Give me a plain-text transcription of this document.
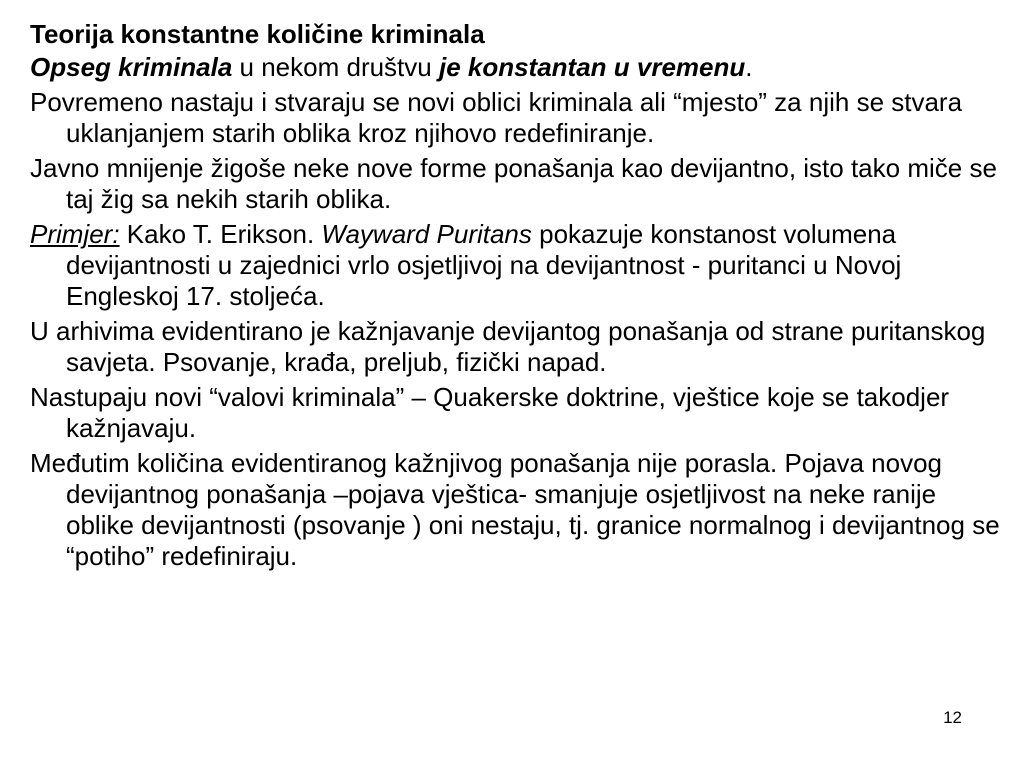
Teorija konstantne količine kriminala
Opseg kriminala u nekom društvu je konstantan u vremenu.
Povremeno nastaju i stvaraju se novi oblici kriminala ali “mjesto” za njih se stvara uklanjanjem starih oblika kroz njihovo redefiniranje.
Javno mnijenje žigoše neke nove forme ponašanja kao devijantno, isto tako miče se taj žig sa nekih starih oblika.
Primjer: Kako T. Erikson. Wayward Puritans pokazuje konstanost volumena devijantnosti u zajednici vrlo osjetljivoj na devijantnost - puritanci u Novoj Engleskoj 17. stoljeća.
U arhivima evidentirano je kažnjavanje devijantog ponašanja od strane puritanskog savjeta. Psovanje, krađa, preljub, fizički napad.
Nastupaju novi “valovi kriminala” – Quakerske doktrine, vještice koje se takodjer kažnjavaju.
Međutim količina evidentiranog kažnjivog ponašanja nije porasla. Pojava novog devijantnog ponašanja –pojava vještica- smanjuje osjetljivost na neke ranije oblike devijantnosti (psovanje ) oni nestaju, tj. granice normalnog i devijantnog se “potiho” redefiniraju.
12
